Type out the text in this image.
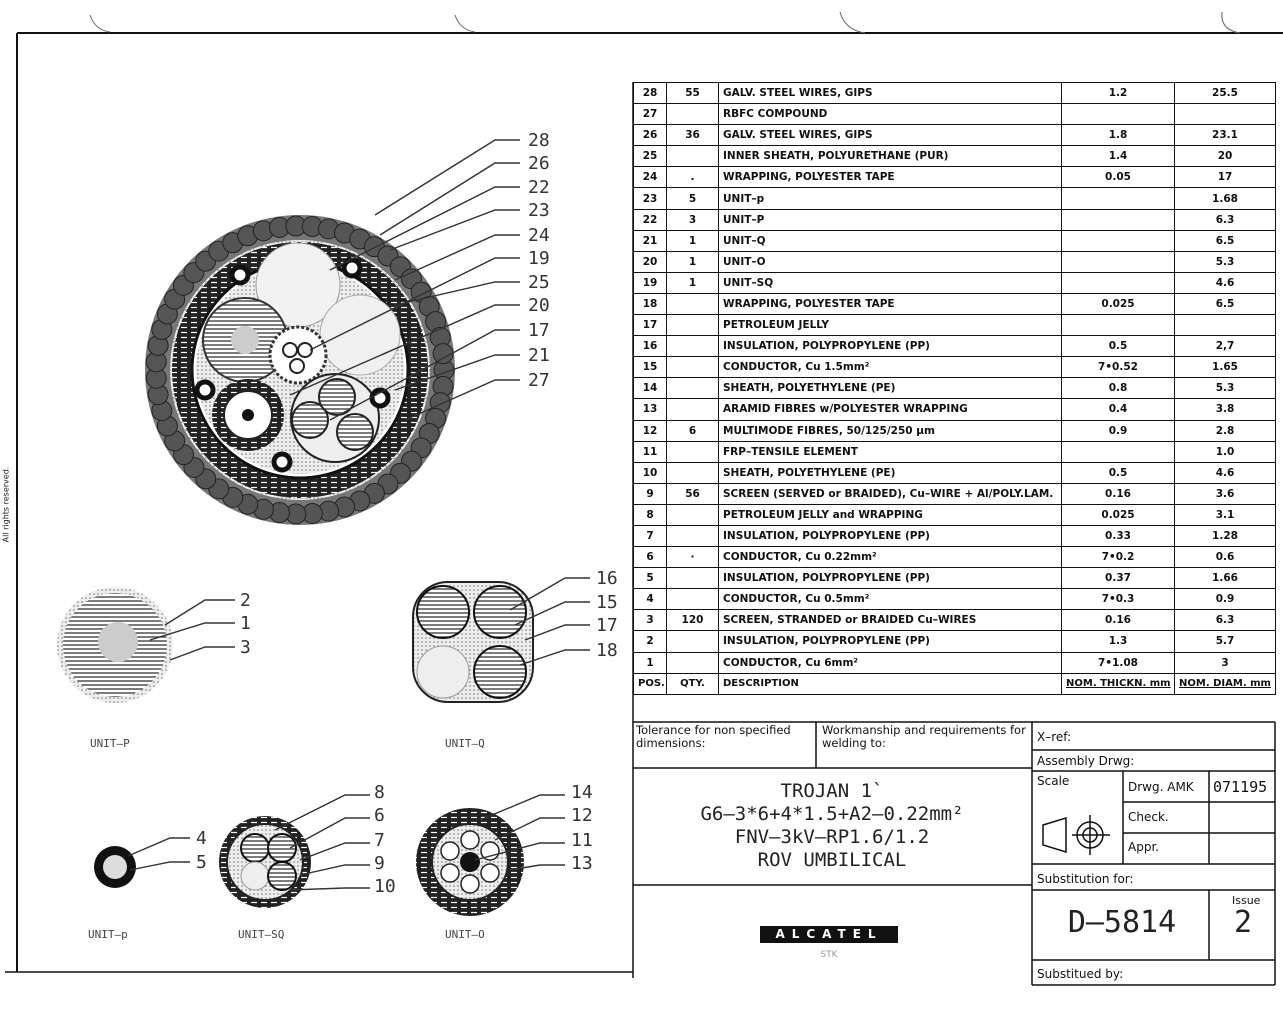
28	55	GALV. STEEL WIRES, GIPS	1.2	25.5
27		RBFC COMPOUND		
26	36	GALV. STEEL WIRES, GIPS	1.8	23.1
25		INNER SHEATH, POLYURETHANE (PUR)	1.4	20
24	.	WRAPPING, POLYESTER TAPE	0.05	17
23	5	UNIT–p		1.68
22	3	UNIT–P		6.3
21	1	UNIT–Q		6.5
20	1	UNIT–O		5.3
19	1	UNIT–SQ		4.6
18		WRAPPING, POLYESTER TAPE	0.025	6.5
17		PETROLEUM JELLY		
16		INSULATION, POLYPROPYLENE (PP)	0.5	2,7
15		CONDUCTOR, Cu 1.5mm²	7•0.52	1.65
14		SHEATH, POLYETHYLENE (PE)	0.8	5.3
13		ARAMID FIBRES w/POLYESTER WRAPPING	0.4	3.8
12	6	MULTIMODE FIBRES, 50/125/250 µm	0.9	2.8
11		FRP–TENSILE ELEMENT		1.0
10		SHEATH, POLYETHYLENE (PE)	0.5	4.6
9	56	SCREEN (SERVED or BRAIDED), Cu–WIRE + Al/POLY.LAM.	0.16	3.6
8		PETROLEUM JELLY and WRAPPING	0.025	3.1
7		INSULATION, POLYPROPYLENE (PP)	0.33	1.28
6	·	CONDUCTOR, Cu 0.22mm²	7•0.2	0.6
5		INSULATION, POLYPROPYLENE (PP)	0.37	1.66
4		CONDUCTOR, Cu 0.5mm²	7•0.3	0.9
3	120	SCREEN, STRANDED or BRAIDED Cu–WIRES	0.16	6.3
2		INSULATION, POLYPROPYLENE (PP)	1.3	5.7
1		CONDUCTOR, Cu 6mm²	7•1.08	3
POS.	QTY.	DESCRIPTION	NOM. THICKN. mm	NOM. DIAM. mm
Tolerance for non specified dimensions:
Workmanship and requirements for welding to:	X–ref:
Assembly Drwg:
Scale	Drwg. AMK 071195
Check.
Appr.
Substitution for:
Substitued by:
Issue
TROJAN 1`
G6–3*6+4*1.5+A2–0.22mm²
FNV–3kV–RP1.6/1.2
ROV UMBILICAL
D–5814	2
ALCATEL
STK
All rights reserved.
28
26
22
23
24
19
25
20
17
21
27
2
1
3
16
15
17
18
4
5
8
6
7
9
10
14
12
11
13
UNIT–P	UNIT–Q
UNIT–p	UNIT–SQ	UNIT–O
